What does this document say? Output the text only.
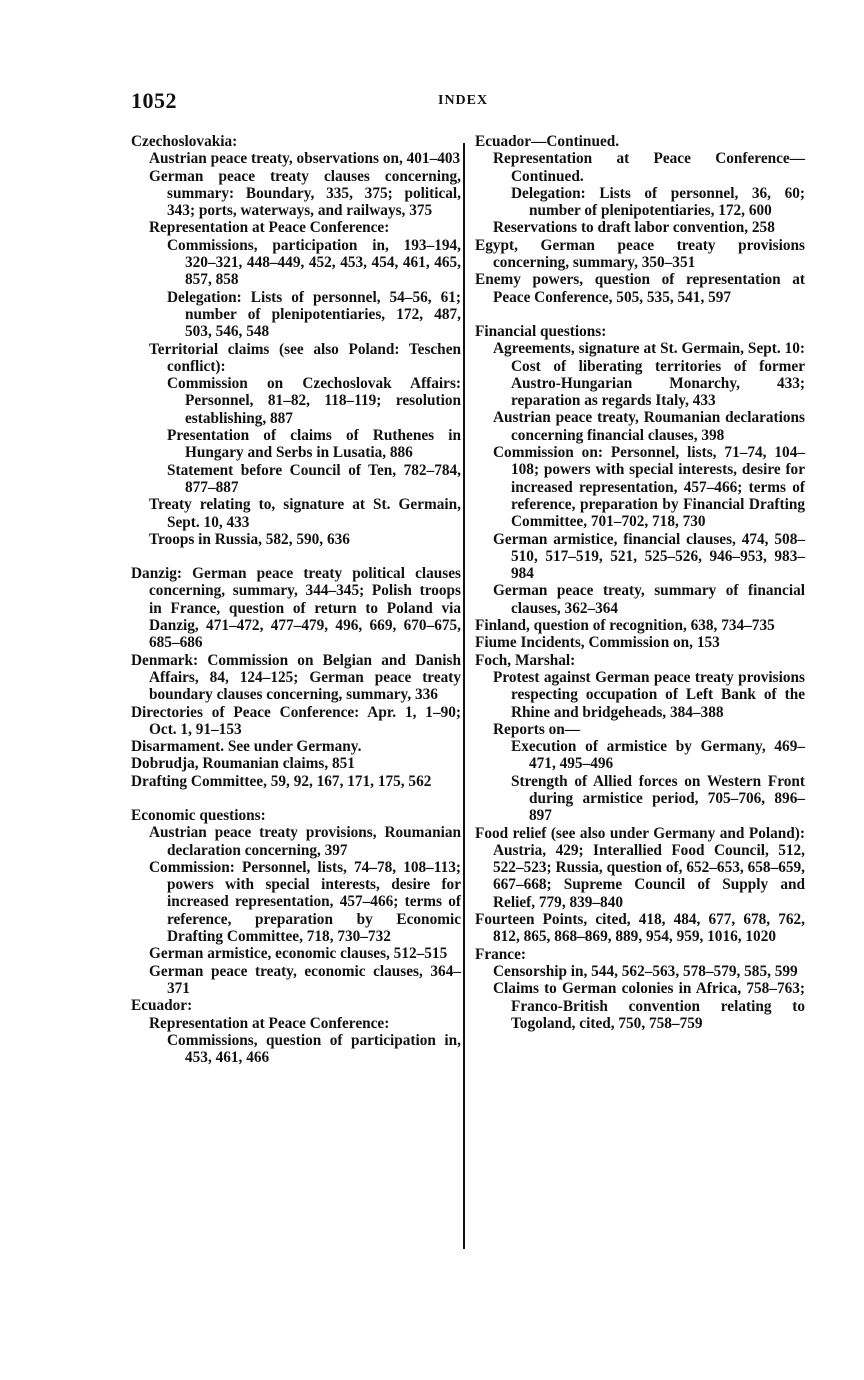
1052	INDEX
Czechoslovakia:
Austrian peace treaty, observations on, 401–403
German peace treaty clauses concerning, summary: Boundary, 335, 375; political, 343; ports, waterways, and railways, 375
Representation at Peace Conference:
Commissions, participation in, 193–194, 320–321, 448–449, 452, 453, 454, 461, 465, 857, 858
Delegation: Lists of personnel, 54–56, 61; number of plenipotentiaries, 172, 487, 503, 546, 548
Territorial claims (see also Poland: Teschen conflict):
Commission on Czechoslovak Affairs: Personnel, 81–82, 118–119; resolution establishing, 887
Presentation of claims of Ruthenes in Hungary and Serbs in Lusatia, 886
Statement before Council of Ten, 782–784, 877–887
Treaty relating to, signature at St. Germain, Sept. 10, 433
Troops in Russia, 582, 590, 636
Danzig: German peace treaty political clauses concerning, summary, 344–345; Polish troops in France, question of return to Poland via Danzig, 471–472, 477–479, 496, 669, 670–675, 685–686
Denmark: Commission on Belgian and Danish Affairs, 84, 124–125; German peace treaty boundary clauses concerning, summary, 336
Directories of Peace Conference: Apr. 1, 1–90; Oct. 1, 91–153
Disarmament. See under Germany.
Dobrudja, Roumanian claims, 851
Drafting Committee, 59, 92, 167, 171, 175, 562
Economic questions:
Austrian peace treaty provisions, Roumanian declaration concerning, 397
Commission: Personnel, lists, 74–78, 108–113; powers with special interests, desire for increased representation, 457–466; terms of reference, preparation by Economic Drafting Committee, 718, 730–732
German armistice, economic clauses, 512–515
German peace treaty, economic clauses, 364–371
Ecuador:
Representation at Peace Conference:
Commissions, question of participation in, 453, 461, 466
Ecuador—Continued.
Representation at Peace Conference—Continued.
Delegation: Lists of personnel, 36, 60; number of plenipotentiaries, 172, 600
Reservations to draft labor convention, 258
Egypt, German peace treaty provisions concerning, summary, 350–351
Enemy powers, question of representation at Peace Conference, 505, 535, 541, 597
Financial questions:
Agreements, signature at St. Germain, Sept. 10: Cost of liberating territories of former Austro-Hungarian Monarchy, 433; reparation as regards Italy, 433
Austrian peace treaty, Roumanian declarations concerning financial clauses, 398
Commission on: Personnel, lists, 71–74, 104–108; powers with special interests, desire for increased representation, 457–466; terms of reference, preparation by Financial Drafting Committee, 701–702, 718, 730
German armistice, financial clauses, 474, 508–510, 517–519, 521, 525–526, 946–953, 983–984
German peace treaty, summary of financial clauses, 362–364
Finland, question of recognition, 638, 734–735
Fiume Incidents, Commission on, 153
Foch, Marshal:
Protest against German peace treaty provisions respecting occupation of Left Bank of the Rhine and bridgeheads, 384–388
Reports on—
Execution of armistice by Germany, 469–471, 495–496
Strength of Allied forces on Western Front during armistice period, 705–706, 896–897
Food relief (see also under Germany and Poland): Austria, 429; Interallied Food Council, 512, 522–523; Russia, question of, 652–653, 658–659, 667–668; Supreme Council of Supply and Relief, 779, 839–840
Fourteen Points, cited, 418, 484, 677, 678, 762, 812, 865, 868–869, 889, 954, 959, 1016, 1020
France:
Censorship in, 544, 562–563, 578–579, 585, 599
Claims to German colonies in Africa, 758–763; Franco-British convention relating to Togoland, cited, 750, 758–759
